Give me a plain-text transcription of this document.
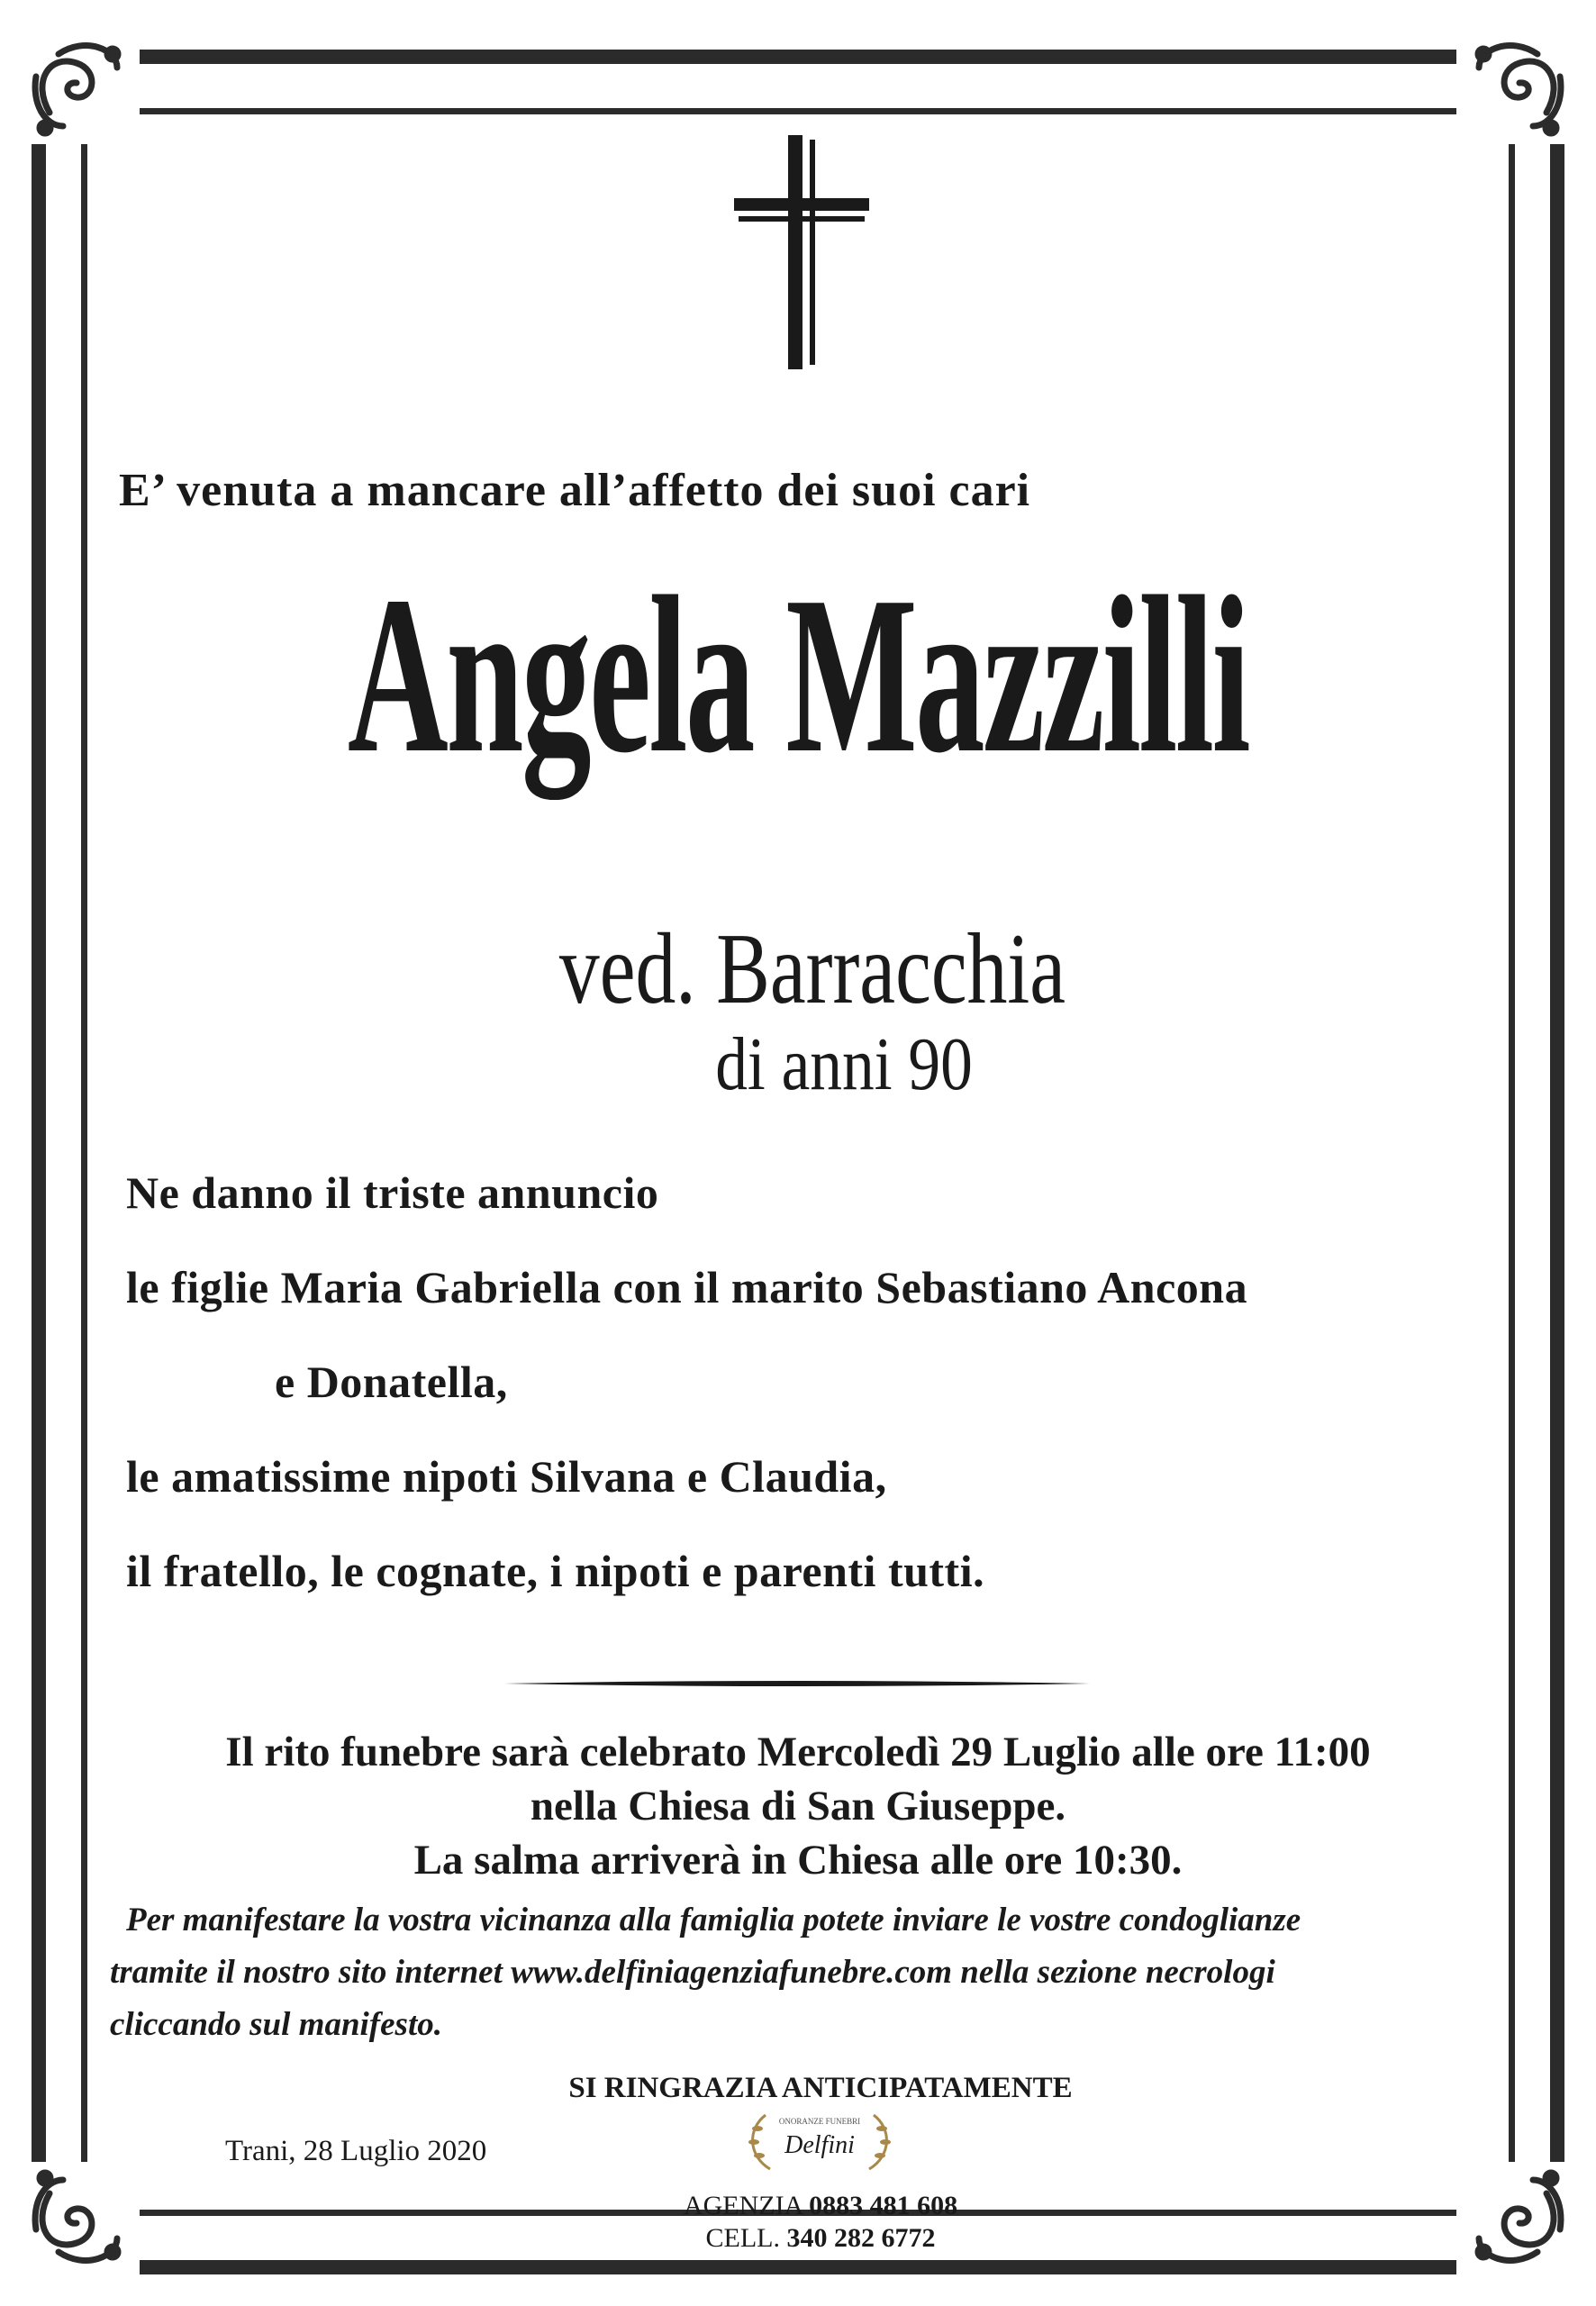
E’ venuta a mancare all’affetto dei suoi cari
Angela Mazzilli
ved. Barracchia
di anni 90
Ne danno il triste annuncio
le figlie Maria Gabriella con il marito Sebastiano Ancona
e Donatella,
le amatissime nipoti Silvana e Claudia,
il fratello, le cognate, i nipoti e parenti tutti.
Il rito funebre sarà celebrato Mercoledì 29 Luglio alle ore 11:00
nella Chiesa di San Giuseppe.
La salma arriverà in Chiesa alle ore 10:30.
Per manifestare la vostra vicinanza alla famiglia potete inviare le vostre condoglianze
tramite il nostro sito internet www.delfiniagenziafunebre.com nella sezione necrologi
cliccando sul manifesto.
SI RINGRAZIA ANTICIPATAMENTE
Trani, 28 Luglio 2020
ONORANZE FUNEBRI
Delfini
AGENZIA 0883 481 608
CELL. 340 282 6772
